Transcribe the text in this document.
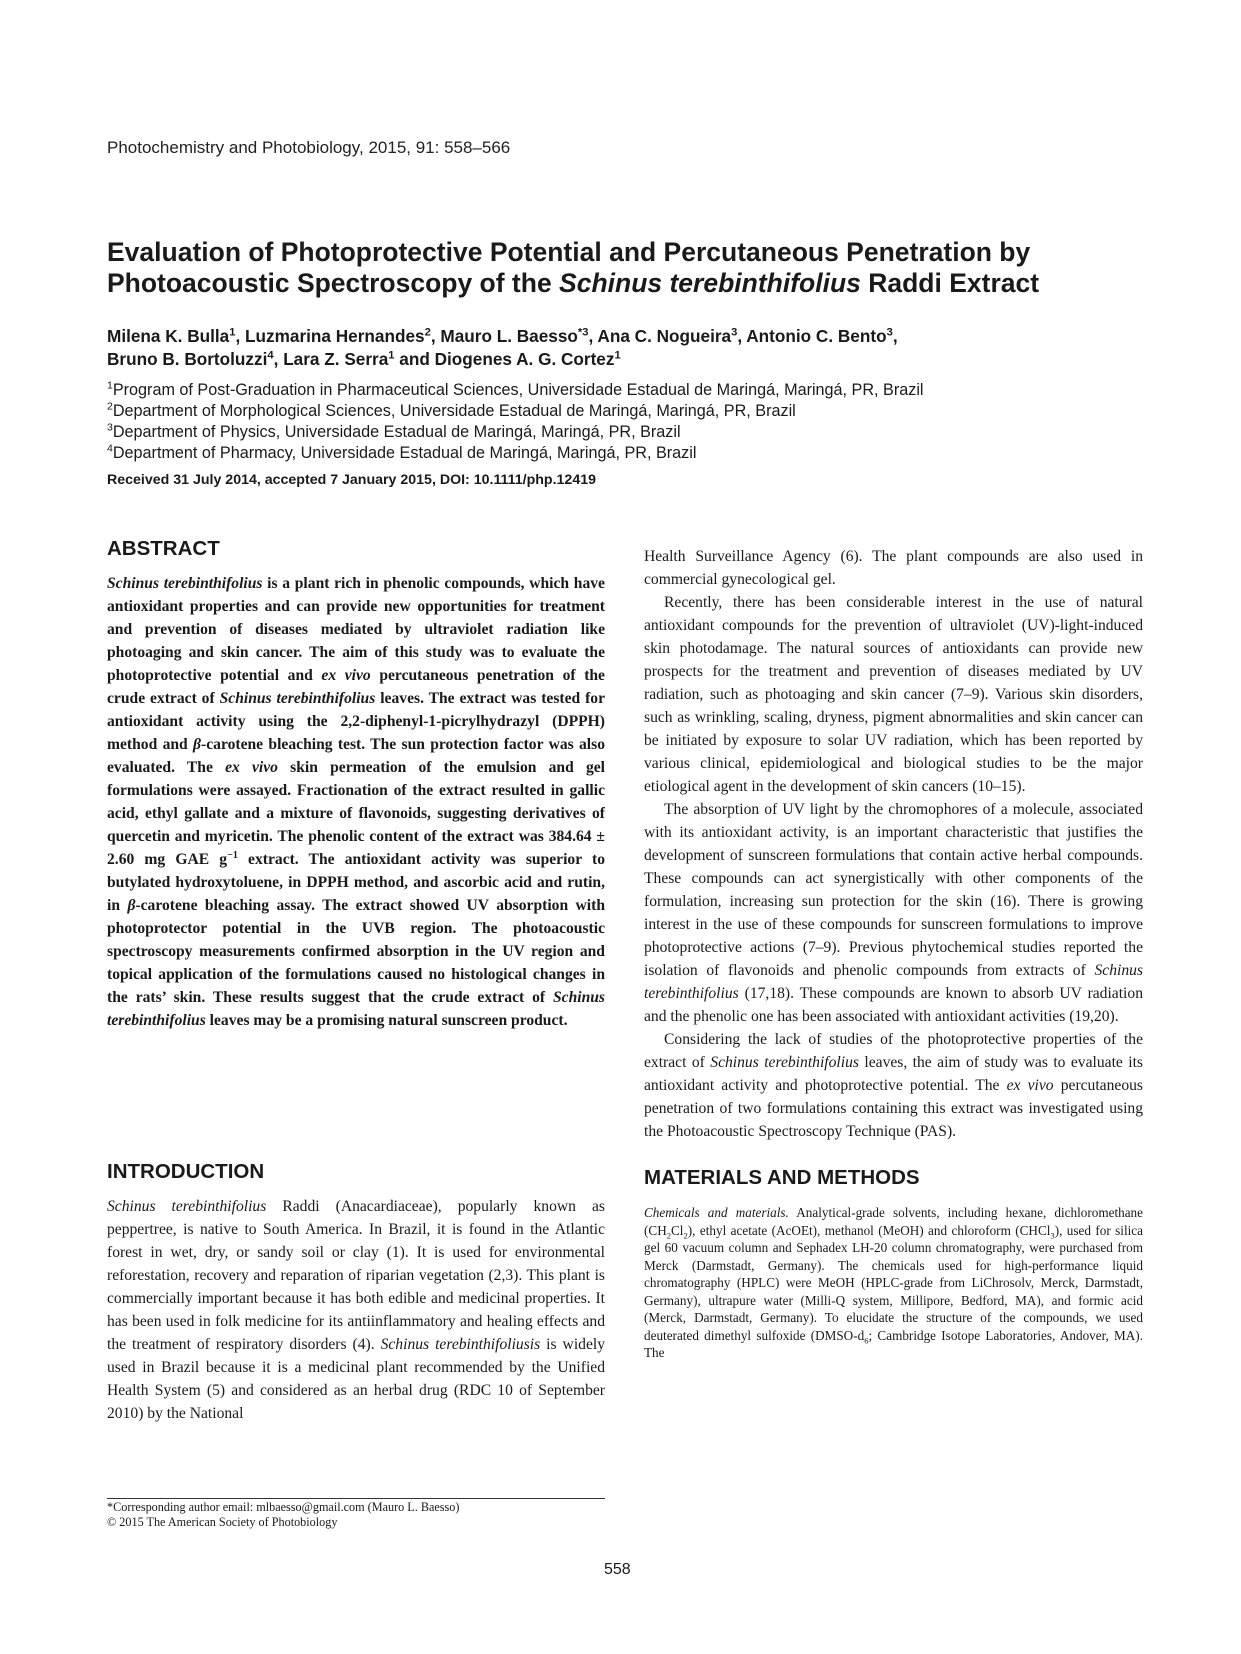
Photochemistry and Photobiology, 2015, 91: 558–566
Evaluation of Photoprotective Potential and Percutaneous Penetration by
Photoacoustic Spectroscopy of the Schinus terebinthifolius Raddi Extract

Milena K. Bulla$^1$, Luzmarina Hernandes$^2$, Mauro L. Baesso$^{*3}$, Ana C. Nogueira$^3$, Antonio C. Bento$^3$,
Bruno B. Bortoluzzi$^4$, Lara Z. Serra$^1$ and Diogenes A. G. Cortez$^1$

$^1$Program of Post-Graduation in Pharmaceutical Sciences, Universidade Estadual de Maringá, Maringá, PR, Brazil
$^2$Department of Morphological Sciences, Universidade Estadual de Maringá, Maringá, PR, Brazil
$^3$Department of Physics, Universidade Estadual de Maringá, Maringá, PR, Brazil
$^4$Department of Pharmacy, Universidade Estadual de Maringá, Maringá, PR, Brazil
Received 31 July 2014, accepted 7 January 2015, DOI: 10.1111/php.12419
ABSTRACT

Schinus terebinthifolius is a plant rich in phenolic compounds, which have antioxidant properties and can provide new opportunities for treatment and prevention of diseases mediated by ultraviolet radiation like photoaging and skin cancer. The aim of this study was to evaluate the photoprotective potential and ex vivo percutaneous penetration of the crude extract of Schinus terebinthifolius leaves. The extract was tested for antioxidant activity using the 2,2-diphenyl-1-picrylhydrazyl (DPPH) method and β-carotene bleaching test. The sun protection factor was also evaluated. The ex vivo skin permeation of the emulsion and gel formulations were assayed. Fractionation of the extract resulted in gallic acid, ethyl gallate and a mixture of flavonoids, suggesting derivatives of quercetin and myricetin. The phenolic content of the extract was 384.64 ± 2.60 mg GAE $g^{-1}$ extract. The antioxidant activity was superior to butylated hydroxytoluene, in DPPH method, and ascorbic acid and rutin, in β-carotene bleaching assay. The extract showed UV absorption with photoprotector potential in the UVB region. The photoacoustic spectroscopy measurements confirmed absorption in the UV region and topical application of the formulations caused no histological changes in the rats’ skin. These results suggest that the crude extract of Schinus terebinthifolius leaves may be a promising natural sunscreen product.

INTRODUCTION

Schinus terebinthifolius Raddi (Anacardiaceae), popularly known as peppertree, is native to South America. In Brazil, it is found in the Atlantic forest in wet, dry, or sandy soil or clay (1). It is used for environmental reforestation, recovery and reparation of riparian vegetation (2,3). This plant is commercially important because it has both edible and medicinal properties. It has been used in folk medicine for its antiinflammatory and healing effects and the treatment of respiratory disorders (4). Schinus terebinthifoliusis is widely used in Brazil because it is a medicinal plant recommended by the Unified Health System (5) and considered as an herbal drug (RDC 10 of September 2010) by the National

*Corresponding author email: mlbaesso@gmail.com (Mauro L. Baesso)
© 2015 The American Society of Photobiology

Health Surveillance Agency (6). The plant compounds are also used in commercial gynecological gel.

Recently, there has been considerable interest in the use of natural antioxidant compounds for the prevention of ultraviolet (UV)-light-induced skin photodamage. The natural sources of antioxidants can provide new prospects for the treatment and prevention of diseases mediated by UV radiation, such as photoaging and skin cancer (7–9). Various skin disorders, such as wrinkling, scaling, dryness, pigment abnormalities and skin cancer can be initiated by exposure to solar UV radiation, which has been reported by various clinical, epidemiological and biological studies to be the major etiological agent in the development of skin cancers (10–15).

The absorption of UV light by the chromophores of a molecule, associated with its antioxidant activity, is an important characteristic that justifies the development of sunscreen formulations that contain active herbal compounds. These compounds can act synergistically with other components of the formulation, increasing sun protection for the skin (16). There is growing interest in the use of these compounds for sunscreen formulations to improve photoprotective actions (7–9). Previous phytochemical studies reported the isolation of flavonoids and phenolic compounds from extracts of Schinus terebinthifolius (17,18). These compounds are known to absorb UV radiation and the phenolic one has been associated with antioxidant activities (19,20).

Considering the lack of studies of the photoprotective properties of the extract of Schinus terebinthifolius leaves, the aim of study was to evaluate its antioxidant activity and photoprotective potential. The ex vivo percutaneous penetration of two formulations containing this extract was investigated using the Photoacoustic Spectroscopy Technique (PAS).

MATERIALS AND METHODS

Chemicals and materials. Analytical-grade solvents, including hexane, dichloromethane $(CH_2Cl_2)$, ethyl acetate (AcOEt), methanol (MeOH) and chloroform (CHCl$_3$), used for silica gel 60 vacuum column and Sephadex LH-20 column chromatography, were purchased from Merck (Darmstadt, Germany). The chemicals used for high-performance liquid chromatography (HPLC) were MeOH (HPLC-grade from LiChrosolv, Merck, Darmstadt, Germany), ultrapure water (Milli-Q system, Millipore, Bedford, MA), and formic acid (Merck, Darmstadt, Germany). To elucidate the structure of the compounds, we used deuterated dimethyl sulfoxide ($DMSO-d_6$; Cambridge Isotope Laboratories, Andover, MA). The

558
